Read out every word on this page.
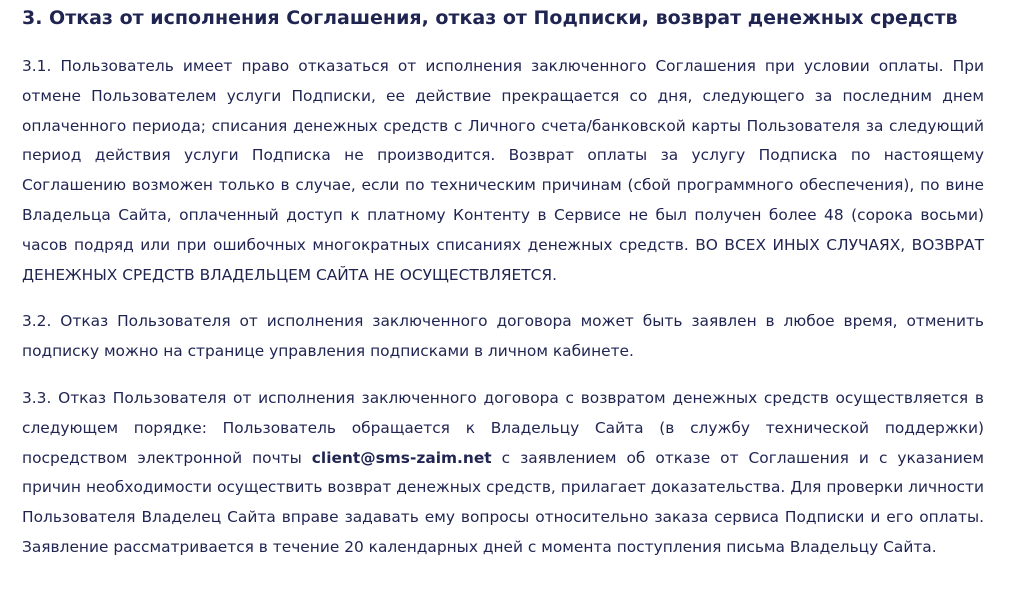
3. Отказ от исполнения Соглашения, отказ от Подписки, возврат денежных средств

3.1. Пользователь имеет право отказаться от исполнения заключенного Соглашения при условии оплаты. При отмене Пользователем услуги Подписки, ее действие прекращается со дня, следующего за последним днем оплаченного периода; списания денежных средств с Личного счета/банковской карты Пользователя за следующий период действия услуги Подписка не производится. Возврат оплаты за услугу Подписка по настоящему Соглашению возможен только в случае, если по техническим причинам (сбой программного обеспечения), по вине Владельца Сайта, оплаченный доступ к платному Контенту в Сервисе не был получен более 48 (сорока восьми) часов подряд или при ошибочных многократных списаниях денежных средств. ВО ВСЕХ ИНЫХ СЛУЧАЯХ, ВОЗВРАТ ДЕНЕЖНЫХ СРЕДСТВ ВЛАДЕЛЬЦЕМ САЙТА НЕ ОСУЩЕСТВЛЯЕТСЯ.

3.2. Отказ Пользователя от исполнения заключенного договора может быть заявлен в любое время, отменить подписку можно на странице управления подписками в личном кабинете.

3.3. Отказ Пользователя от исполнения заключенного договора с возвратом денежных средств осуществляется в следующем порядке: Пользователь обращается к Владельцу Сайта (в службу технической поддержки) посредством электронной почты client@sms-zaim.net с заявлением об отказе от Соглашения и с указанием причин необходимости осуществить возврат денежных средств, прилагает доказательства. Для проверки личности Пользователя Владелец Сайта вправе задавать ему вопросы относительно заказа сервиса Подписки и его оплаты. Заявление рассматривается в течение 20 календарных дней с момента поступления письма Владельцу Сайта.
